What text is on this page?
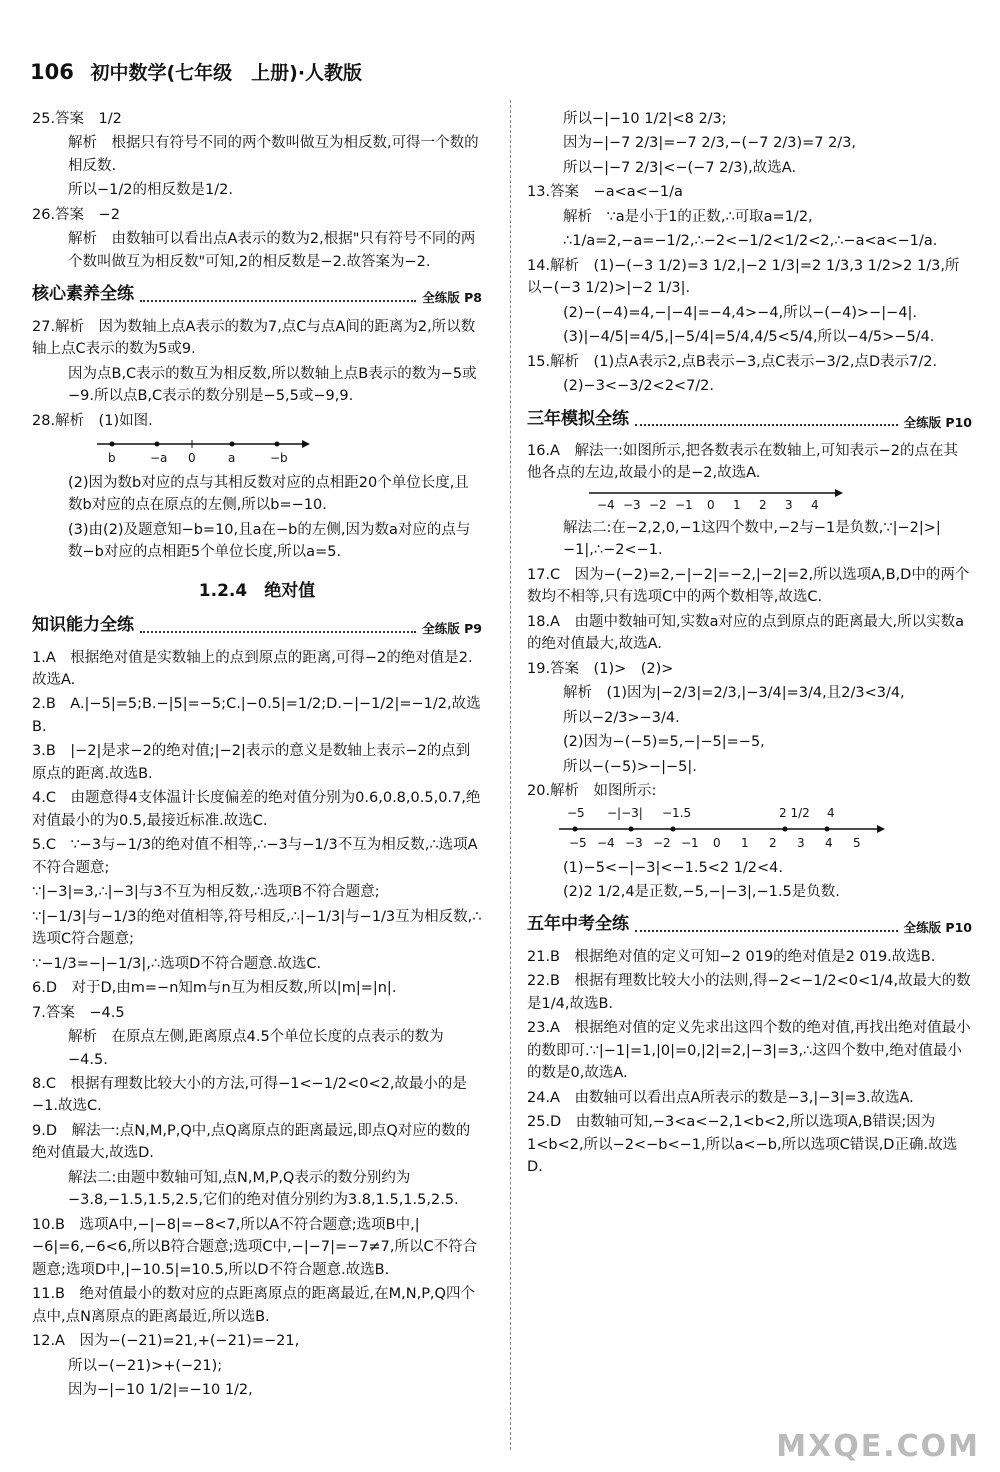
106 初中数学(七年级　上册)·人教版

25.答案　1/2

解析　根据只有符号不同的两个数叫做互为相反数,可得一个数的相反数.

所以−1/2的相反数是1/2.

26.答案　−2

解析　由数轴可以看出点A表示的数为2,根据"只有符号不同的两个数叫做互为相反数"可知,2的相反数是−2.故答案为−2.

核心素养全练	全练版 P8

27.解析　因为数轴上点A表示的数为7,点C与点A间的距离为2,所以数轴上点C表示的数为5或9.

因为点B,C表示的数互为相反数,所以数轴上点B表示的数为−5或−9.所以点B,C表示的数分别是−5,5或−9,9.

28.解析　(1)如图.

b	−a 0	a	−b

(2)因为数b对应的点与其相反数对应的点相距20个单位长度,且数b对应的点在原点的左侧,所以b=−10.

(3)由(2)及题意知−b=10,且a在−b的左侧,因为数a对应的点与数−b对应的点相距5个单位长度,所以a=5.

1.2.4　绝对值
知识能力全练	全练版 P9

1.A　根据绝对值是实数轴上的点到原点的距离,可得−2的绝对值是2.故选A.

2.B　A.|−5|=5;B.−|5|=−5;C.|−0.5|=1/2;D.−|−1/2|=−1/2,故选B.

3.B　|−2|是求−2的绝对值;|−2|表示的意义是数轴上表示−2的点到原点的距离.故选B.

4.C　由题意得4支体温计长度偏差的绝对值分别为0.6,0.8,0.5,0.7,绝对值最小的为0.5,最接近标准.故选C.

5.C　∵−3与−1/3的绝对值不相等,∴−3与−1/3不互为相反数,∴选项A不符合题意;

∵|−3|=3,∴|−3|与3不互为相反数,∴选项B不符合题意;

∵|−1/3|与−1/3的绝对值相等,符号相反,∴|−1/3|与−1/3互为相反数,∴选项C符合题意;

∵−1/3=−|−1/3|,∴选项D不符合题意.故选C.

6.D　对于D,由m=−n知m与n互为相反数,所以|m|=|n|.

7.答案　−4.5

解析　在原点左侧,距离原点4.5个单位长度的点表示的数为−4.5.

8.C　根据有理数比较大小的方法,可得−1<−1/2<0<2,故最小的是−1.故选C.

9.D　解法一:点N,M,P,Q中,点Q离原点的距离最远,即点Q对应的数的绝对值最大,故选D.

解法二:由题中数轴可知,点N,M,P,Q表示的数分别约为−3.8,−1.5,1.5,2.5,它们的绝对值分别约为3.8,1.5,1.5,2.5.

10.B　选项A中,−|−8|=−8<7,所以A不符合题意;选项B中,|−6|=6,−6<6,所以B符合题意;选项C中,−|−7|=−7≠7,所以C不符合题意;选项D中,|−10.5|=10.5,所以D不符合题意.故选B.

11.B　绝对值最小的数对应的点距离原点的距离最近,在M,N,P,Q四个点中,点N离原点的距离最近,所以选B.

12.A　因为−(−21)=21,+(−21)=−21,

所以−(−21)>+(−21);

因为−|−10 1/2|=−10 1/2,

所以−|−10 1/2|<8 2/3;

因为−|−7 2/3|=−7 2/3,−(−7 2/3)=7 2/3,

所以−|−7 2/3|<−(−7 2/3),故选A.

13.答案　−a<a<−1/a

解析　∵a是小于1的正数,∴可取a=1/2,

∴1/a=2,−a=−1/2,∴−2<−1/2<1/2<2,∴−a<a<−1/a.

14.解析　(1)−(−3 1/2)=3 1/2,|−2 1/3|=2 1/3,3 1/2>2 1/3,所以−(−3 1/2)>|−2 1/3|.

(2)−(−4)=4,−|−4|=−4,4>−4,所以−(−4)>−|−4|.

(3)|−4/5|=4/5,|−5/4|=5/4,4/5<5/4,所以−4/5>−5/4.

15.解析　(1)点A表示2,点B表示−3,点C表示−3/2,点D表示7/2.

(2)−3<−3/2<2<7/2.

三年模拟全练	全练版 P10

16.A　解法一:如图所示,把各数表示在数轴上,可知表示−2的点在其他各点的左边,故最小的是−2,故选A.

−4 −3 −2 −1 0 1 2 3 4

解法二:在−2,2,0,−1这四个数中,−2与−1是负数,∵|−2|>|−1|,∴−2<−1.

17.C　因为−(−2)=2,−|−2|=−2,|−2|=2,所以选项A,B,D中的两个数均不相等,只有选项C中的两个数相等,故选C.

18.A　由题中数轴可知,实数a对应的点到原点的距离最大,所以实数a的绝对值最大,故选A.

19.答案　(1)>　(2)>

解析　(1)因为|−2/3|=2/3,|−3/4|=3/4,且2/3<3/4,

所以−2/3>−3/4.

(2)因为−(−5)=5,−|−5|=−5,

所以−(−5)>−|−5|.

20.解析　如图所示:

−5 −|−3| −1.5	2 1/2 4
−5 −4 −3 −2 −1 0 1 2 3 4 5

(1)−5<−|−3|<−1.5<2 1/2<4.

(2)2 1/2,4是正数,−5,−|−3|,−1.5是负数.

五年中考全练	全练版 P10

21.B　根据绝对值的定义可知−2 019的绝对值是2 019.故选B.

22.B　根据有理数比较大小的法则,得−2<−1/2<0<1/4,故最大的数是1/4,故选B.

23.A　根据绝对值的定义先求出这四个数的绝对值,再找出绝对值最小的数即可.∵|−1|=1,|0|=0,|2|=2,|−3|=3,∴这四个数中,绝对值最小的数是0,故选A.

24.A　由数轴可以看出点A所表示的数是−3,|−3|=3.故选A.

25.D　由数轴可知,−3<a<−2,1<b<2,所以选项A,B错误;因为1<b<2,所以−2<−b<−1,所以a<−b,所以选项C错误,D正确.故选D.

MXQE.COM
